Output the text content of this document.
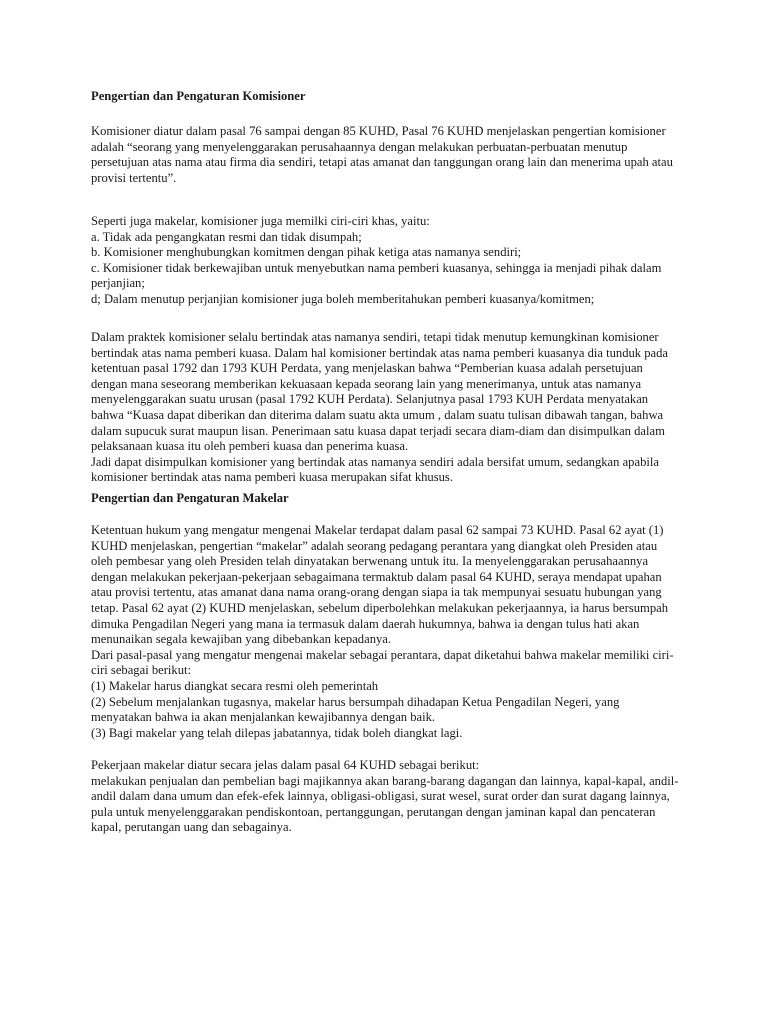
Pengertian dan Pengaturan Komisioner
Komisioner diatur dalam pasal 76 sampai dengan 85 KUHD, Pasal 76 KUHD menjelaskan pengertian komisioner
adalah “seorang yang menyelenggarakan perusahaannya dengan melakukan perbuatan-perbuatan menutup
persetujuan atas nama atau firma dia sendiri, tetapi atas amanat dan tanggungan orang lain dan menerima upah atau
provisi tertentu”.
Seperti juga makelar, komisioner juga memilki ciri-ciri khas, yaitu:
a. Tidak ada pengangkatan resmi dan tidak disumpah;
b. Komisioner menghubungkan komitmen dengan pihak ketiga atas namanya sendiri;
c. Komisioner tidak berkewajiban untuk menyebutkan nama pemberi kuasanya, sehingga ia menjadi pihak dalam
perjanjian;
d; Dalam menutup perjanjian komisioner juga boleh memberitahukan pemberi kuasanya/komitmen;
Dalam praktek komisioner selalu bertindak atas namanya sendiri, tetapi tidak menutup kemungkinan komisioner
bertindak atas nama pemberi kuasa. Dalam hal komisioner bertindak atas nama pemberi kuasanya dia tunduk pada
ketentuan pasal 1792 dan 1793 KUH Perdata, yang menjelaskan bahwa “Pemberian kuasa adalah persetujuan
dengan mana seseorang memberikan kekuasaan kepada seorang lain yang menerimanya, untuk atas namanya
menyelenggarakan suatu urusan (pasal 1792 KUH Perdata). Selanjutnya pasal 1793 KUH Perdata menyatakan
bahwa “Kuasa dapat diberikan dan diterima dalam suatu akta umum , dalam suatu tulisan dibawah tangan, bahwa
dalam supucuk surat maupun lisan. Penerimaan satu kuasa dapat terjadi secara diam-diam dan disimpulkan dalam
pelaksanaan kuasa itu oleh pemberi kuasa dan penerima kuasa.
Jadi dapat disimpulkan komisioner yang bertindak atas namanya sendiri adala bersifat umum, sedangkan apabila
komisioner bertindak atas nama pemberi kuasa merupakan sifat khusus.
Pengertian dan Pengaturan Makelar
Ketentuan hukum yang mengatur mengenai Makelar terdapat dalam pasal 62 sampai 73 KUHD. Pasal 62 ayat (1)
KUHD menjelaskan, pengertian “makelar” adalah seorang pedagang perantara yang diangkat oleh Presiden atau
oleh pembesar yang oleh Presiden telah dinyatakan berwenang untuk itu. Ia menyelenggarakan perusahaannya
dengan melakukan pekerjaan-pekerjaan sebagaimana termaktub dalam pasal 64 KUHD, seraya mendapat upahan
atau provisi tertentu, atas amanat dana nama orang-orang dengan siapa ia tak mempunyai sesuatu hubungan yang
tetap. Pasal 62 ayat (2) KUHD menjelaskan, sebelum diperbolehkan melakukan pekerjaannya, ia harus bersumpah
dimuka Pengadilan Negeri yang mana ia termasuk dalam daerah hukumnya, bahwa ia dengan tulus hati akan
menunaikan segala kewajiban yang dibebankan kepadanya.
Dari pasal-pasal yang mengatur mengenai makelar sebagai perantara, dapat diketahui bahwa makelar memiliki ciri-
ciri sebagai berikut:
(1) Makelar harus diangkat secara resmi oleh pemerintah
(2) Sebelum menjalankan tugasnya, makelar harus bersumpah dihadapan Ketua Pengadilan Negeri, yang
menyatakan bahwa ia akan menjalankan kewajibannya dengan baik.
(3) Bagi makelar yang telah dilepas jabatannya, tidak boleh diangkat lagi.
Pekerjaan makelar diatur secara jelas dalam pasal 64 KUHD sebagai berikut:
melakukan penjualan dan pembelian bagi majikannya akan barang-barang dagangan dan lainnya, kapal-kapal, andil-
andil dalam dana umum dan efek-efek lainnya, obligasi-obligasi, surat wesel, surat order dan surat dagang lainnya,
pula untuk menyelenggarakan pendiskontoan, pertanggungan, perutangan dengan jaminan kapal dan pencateran
kapal, perutangan uang dan sebagainya.
